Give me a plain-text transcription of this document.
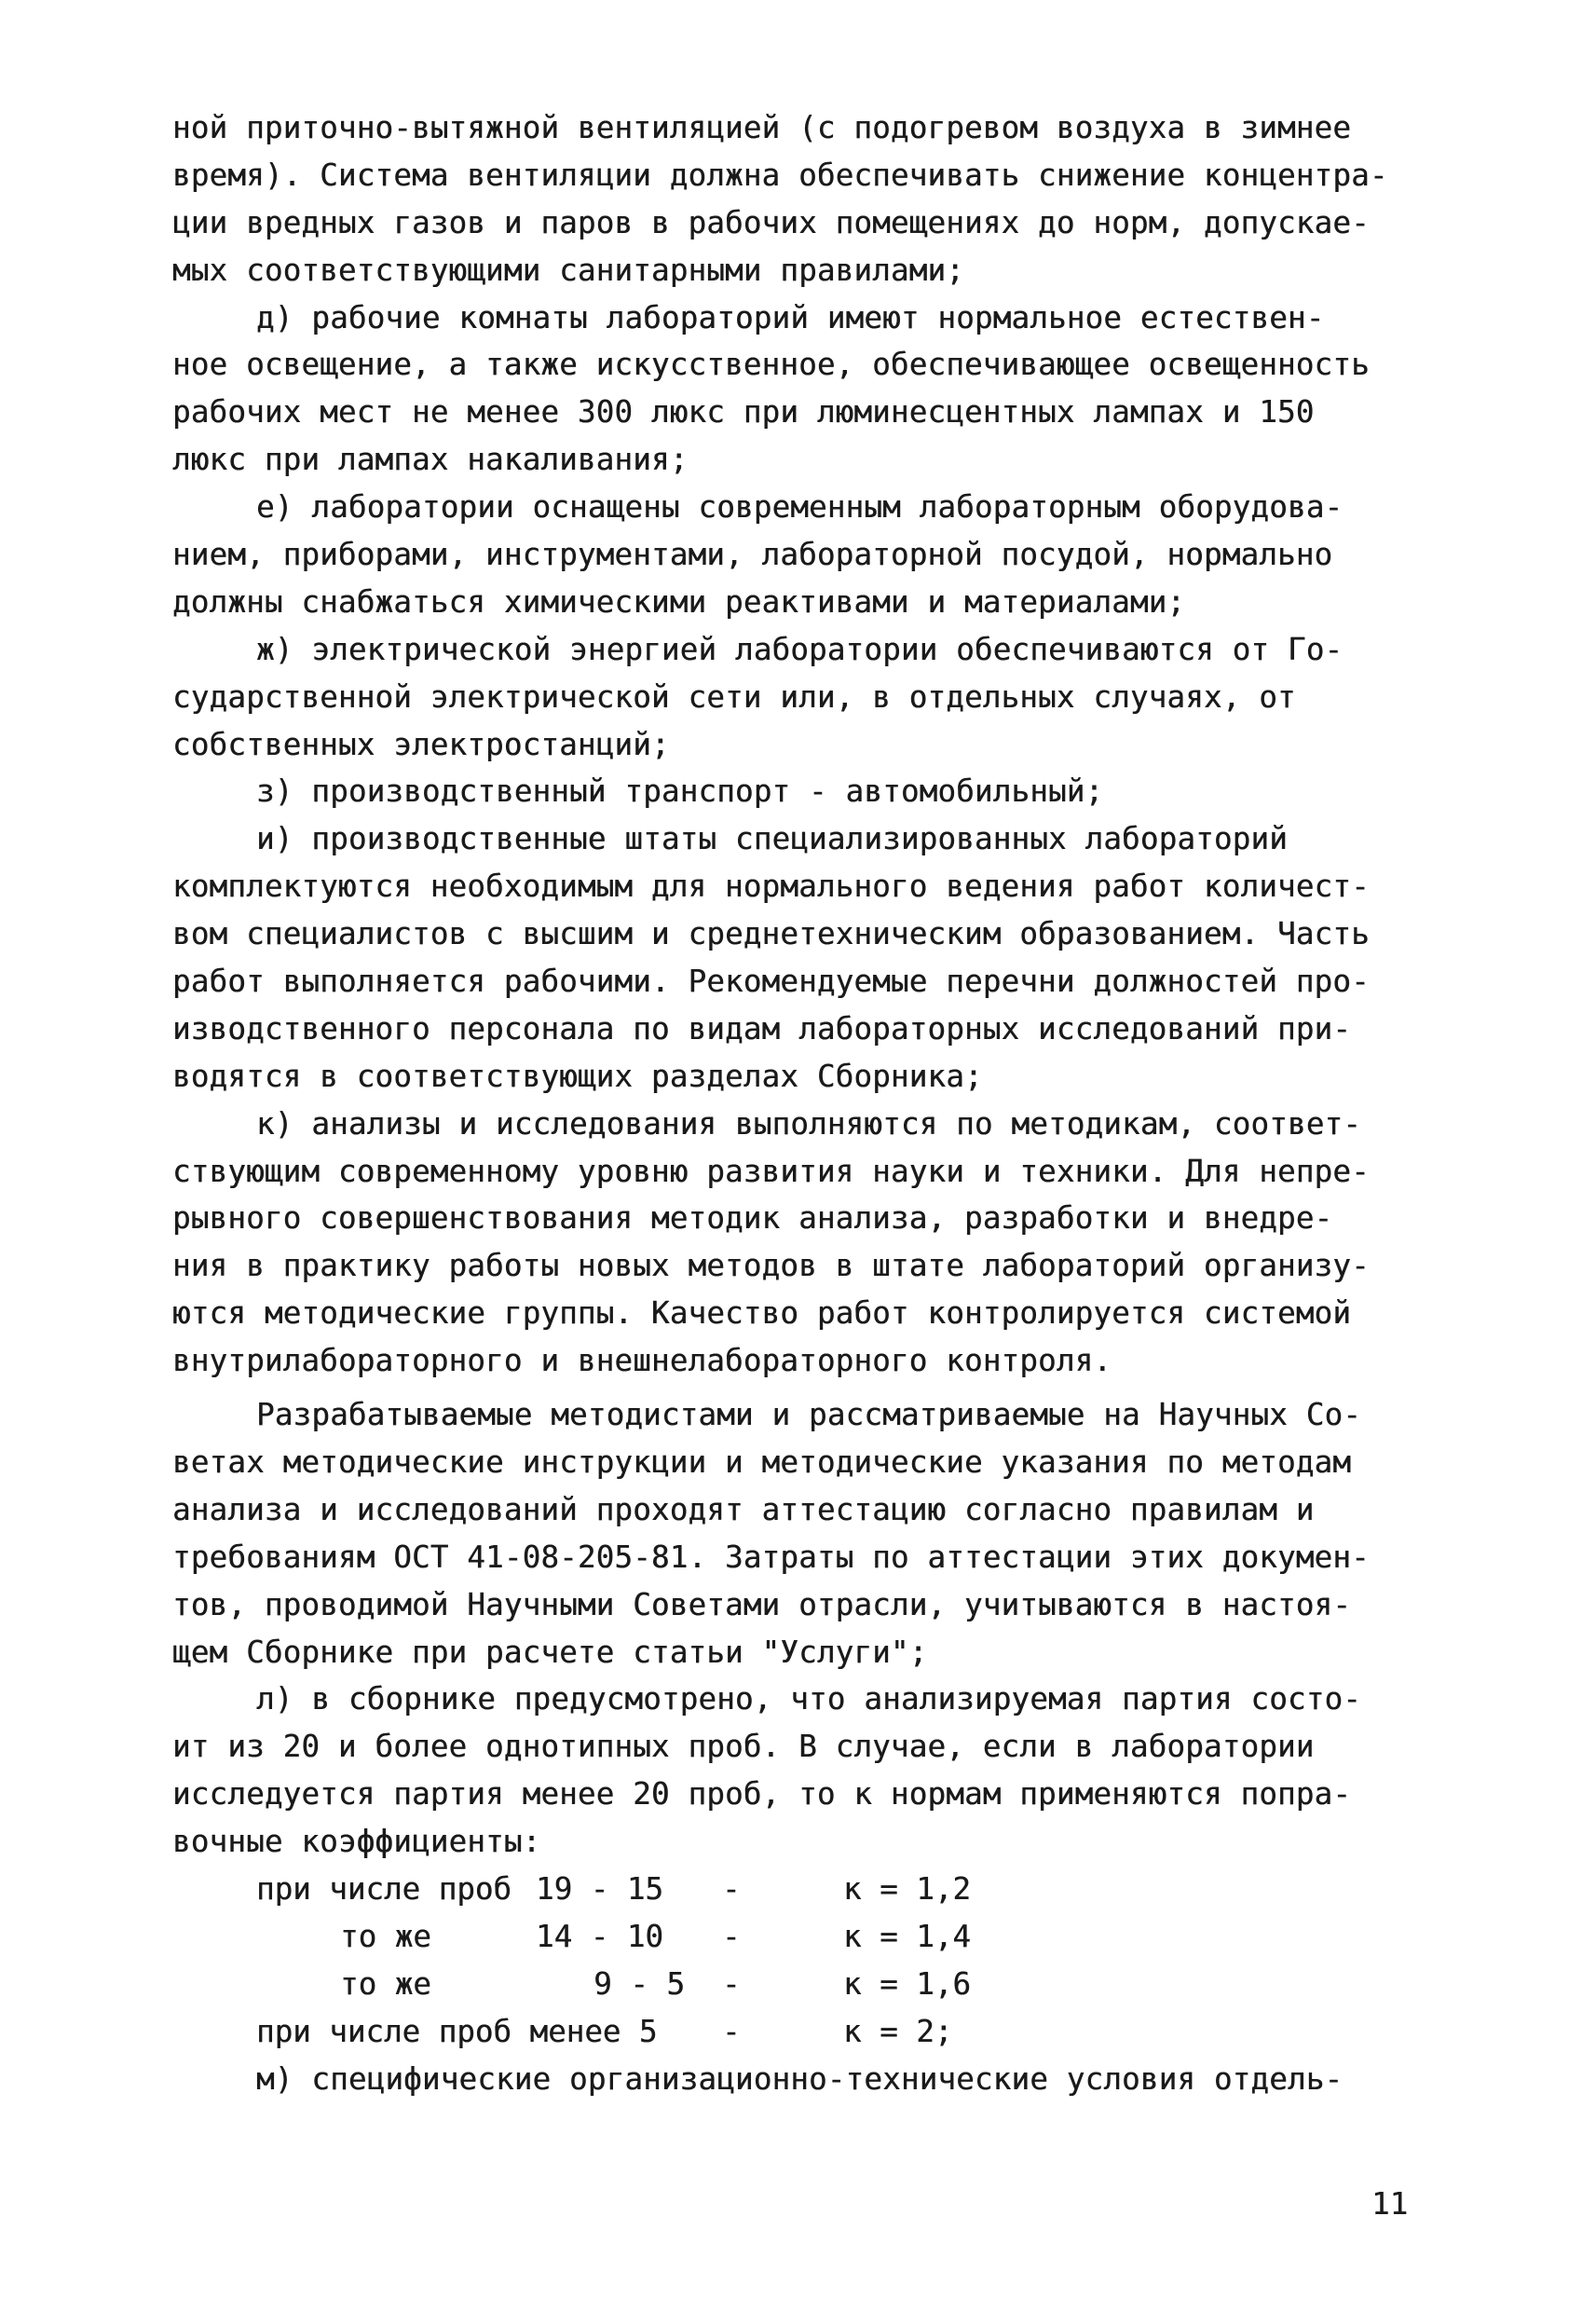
ной приточно-вытяжной вентиляцией (с подогревом воздуха в зимнее
время). Система вентиляции должна обеспечивать снижение концентра-
ции вредных газов и паров в рабочих помещениях до норм, допускае-
мых соответствующими санитарными правилами;
д) рабочие комнаты лабораторий имеют нормальное естествен-
ное освещение, а также искусственное, обеспечивающее освещенность
рабочих мест не менее 300 люкс при люминесцентных лампах и 150
люкс при лампах накаливания;
е) лаборатории оснащены современным лабораторным оборудова-
нием, приборами, инструментами, лабораторной посудой, нормально
должны снабжаться химическими реактивами и материалами;
ж) электрической энергией лаборатории обеспечиваются от Го-
сударственной электрической сети или, в отдельных случаях, от
собственных электростанций;
з) производственный транспорт - автомобильный;
и) производственные штаты специализированных лабораторий
комплектуются необходимым для нормального ведения работ количест-
вом специалистов с высшим и среднетехническим образованием. Часть
работ выполняется рабочими. Рекомендуемые перечни должностей про-
изводственного персонала по видам лабораторных исследований при-
водятся в соответствующих разделах Сборника;
к) анализы и исследования выполняются по методикам, соответ-
ствующим современному уровню развития науки и техники. Для непре-
рывного совершенствования методик анализа, разработки и внедре-
ния в практику работы новых методов в штате лабораторий организу-
ются методические группы. Качество работ контролируется системой
внутрилабораторного и внешнелабораторного контроля.
Разрабатываемые методистами и рассматриваемые на Научных Со-
ветах методические инструкции и методические указания по методам
анализа и исследований проходят аттестацию согласно правилам и
требованиям ОСТ 41-08-205-81. Затраты по аттестации этих докумен-
тов, проводимой Научными Советами отрасли, учитываются в настоя-
щем Сборнике при расчете статьи "Услуги";
л) в сборнике предусмотрено, что анализируемая партия состо-
ит из 20 и более однотипных проб. В случае, если в лаборатории
исследуется партия менее 20 проб, то к нормам применяются попра-
вочные коэффициенты:
при числе проб 19 - 15	-	к = 1,2
то же	14 - 10	-	к = 1,4
то же	9 - 5	-	к = 1,6
при числе проб менее 5	-	к = 2;
м) специфические организационно-технические условия отдель-
11
